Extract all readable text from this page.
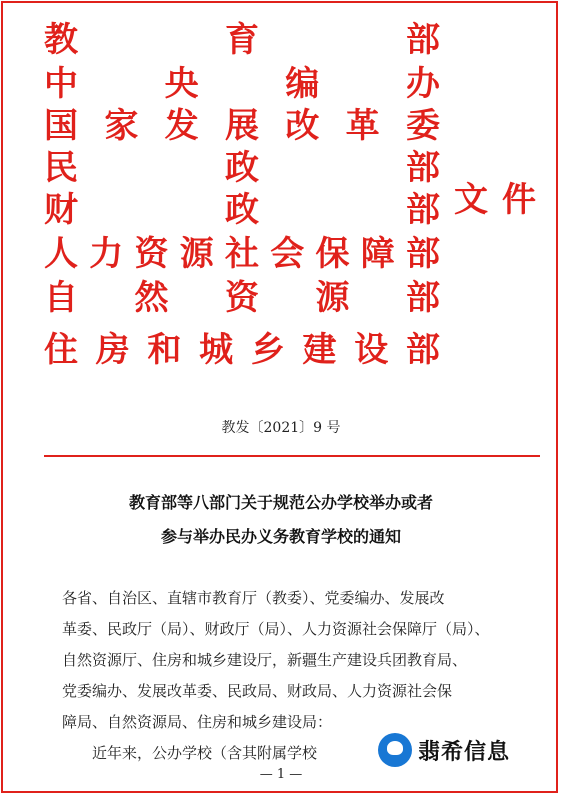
教	育	部
中	央	编	办
国 家 发 展 改 革 委
民	政	部
财	政	部
人 力 资 源 社 会 保 障 部
自 然 资 源 部
住 房 和 城 乡 建 设 部
文件
教发〔2021〕9 号
教育部等八部门关于规范公办学校举办或者
参与举办民办义务教育学校的通知
各省、自治区、直辖市教育厅（教委）、党委编办、发展改
革委、民政厅（局）、财政厅（局）、人力资源社会保障厅（局）、
自然资源厅、住房和城乡建设厅，新疆生产建设兵团教育局、
党委编办、发展改革委、民政局、财政局、人力资源社会保
障局、自然资源局、住房和城乡建设局：
近年来，公办学校（含其附属学校
— 1 —
翡希信息
